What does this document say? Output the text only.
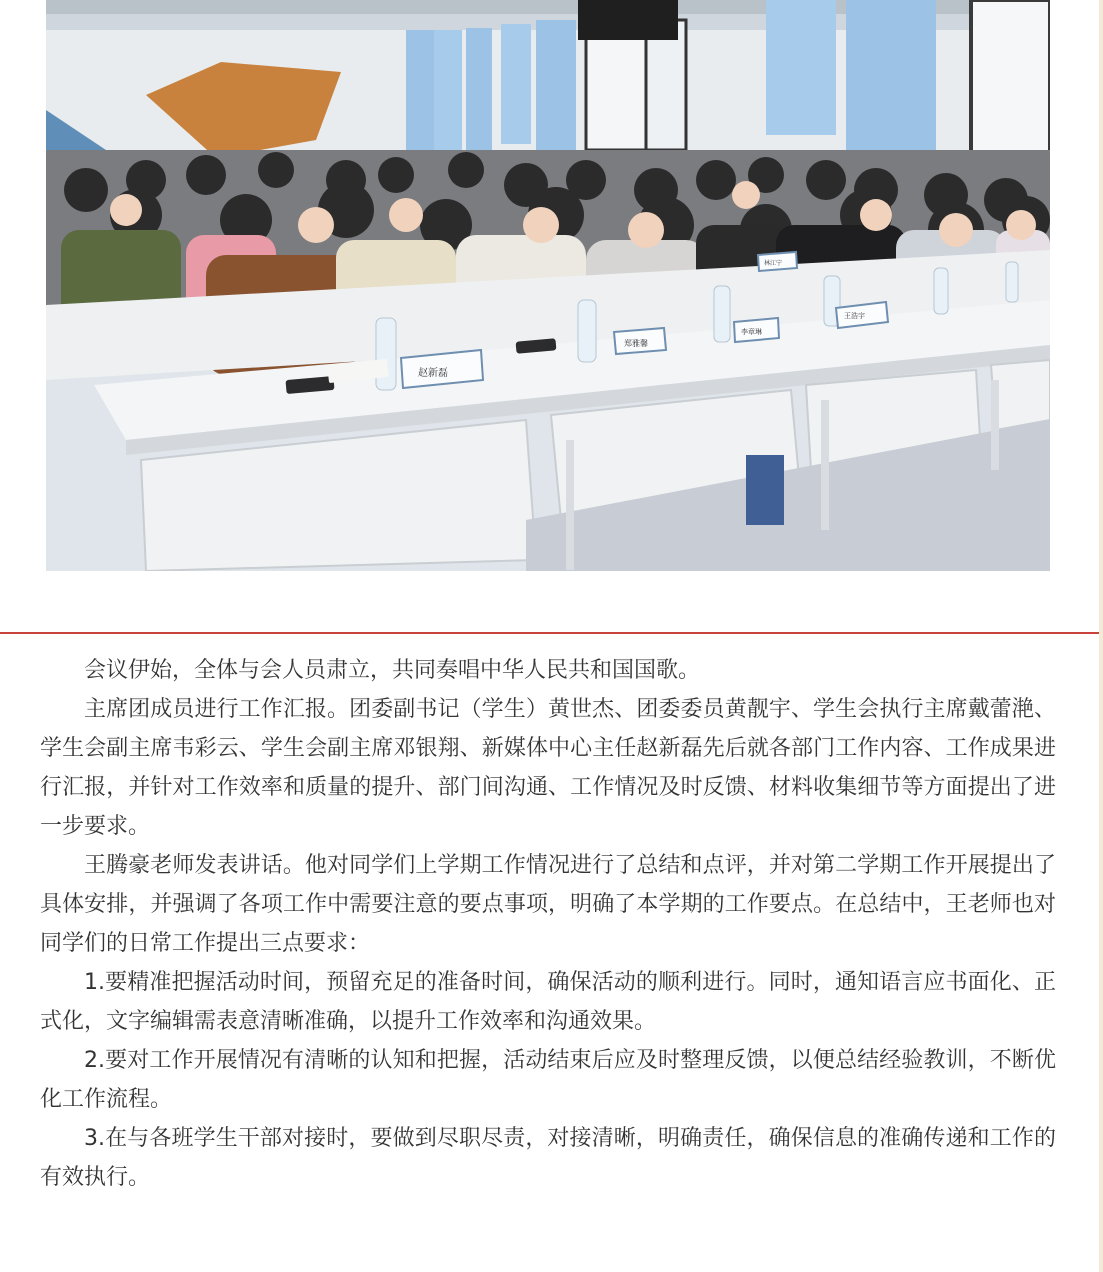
赵新磊
郑雅馨
李章琳
王浩宇
林江宁

会议伊始，全体与会人员肃立，共同奏唱中华人民共和国国歌。

主席团成员进行工作汇报。团委副书记（学生）黄世杰、团委委员黄靓宇、学生会执行主席戴蕾滟、学生会副主席韦彩云、学生会副主席邓银翔、新媒体中心主任赵新磊先后就各部门工作内容、工作成果进行汇报，并针对工作效率和质量的提升、部门间沟通、工作情况及时反馈、材料收集细节等方面提出了进一步要求。

王腾豪老师发表讲话。他对同学们上学期工作情况进行了总结和点评，并对第二学期工作开展提出了具体安排，并强调了各项工作中需要注意的要点事项，明确了本学期的工作要点。在总结中，王老师也对同学们的日常工作提出三点要求：

1.要精准把握活动时间，预留充足的准备时间，确保活动的顺利进行。同时，通知语言应书面化、正式化，文字编辑需表意清晰准确，以提升工作效率和沟通效果。

2.要对工作开展情况有清晰的认知和把握，活动结束后应及时整理反馈，以便总结经验教训，不断优化工作流程。

3.在与各班学生干部对接时，要做到尽职尽责，对接清晰，明确责任，确保信息的准确传递和工作的有效执行。
